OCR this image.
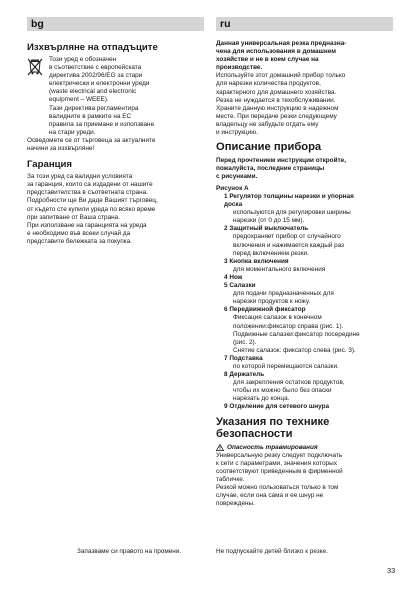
bg	ru
Изхвърляне на отпадъците

Този уред е обозначен

в съответствие с европейската

директива 2002/96/EG за стари

електрически и електронни уреди

(waste electrical and electronic

equipment – WEEE).

Тази директива регламентира

валидните в рамките на ЕС

правила за приемане и използване

на стари уреди.

Осведомете се от търговеца за актуалните

начини за изхвърляне!

Гаранция

За този уред са валидни условията

за гаранция, които са издадени от нашите

представителства в съответната страна.

Подробности ще Ви даде Вашият търговец,

от където сте купили уреда по всяко време

при запитване от Ваша страна.

При използване на гаранцията на уреда

е необходимо във всеки случай да

представите бележката за покупка.

Данная универсальная резка предназна-

чена для использования в домашнем

хозяйстве и не в коем случае на

производстве.

Используйте этот домашний прибор только

для нарезки количества продуктов,

характерного для домашнего хозяйства.

Резка не нуждается в техобслуживании.

Храните данную инструкцию в надежном

месте. При передаче резки следующему

владельцу не забудьте отдать ему

и инструкцию.

Описание прибора

Перед прочтением инструкции откройте,

пожалуйста, последние страницы

с рисунками.

Рисунок А

1 Регулятор толщины нарезки и упорная

доска

используются для регулировки ширины

нарезки (от 0 до 15 мм).

2 Защитный выключатель

предохраняет прибор от случайного

включения и нажимается каждый раз

перед включением резки.

3 Кнопка включения

для моментального включения

4 Нож

5 Салазки

для подачи предназначенных для

нарезки продуктов к ножу.

6 Передвижной фиксатор

Фиксация салазок в конечном

положении:фиксатор справа (рис. 1).

Подвижные салазки:фиксатор посередине

(рис. 2).

Снятие салазок: фиксатор слева (рис. 3).

7 Подставка

по которой перемещаются салазки.

8 Держатель

для закрепления остатков продуктов,

чтобы их можно было без опаски

нарезать до конца.

9 Отделение для сетевого шнура

Указания по технике

безопасности

Опасность травмирования

Универсальную резку следует подключать

к сети с параметрами, значения которых

соответствуют приведенным в фирменной

табличке.

Резкой можно пользоваться только в том

случае, если она сама и ее шнур не

повреждены.

Запазваме си правото на промени.	Не подпускайте детей близко к резке.
33
